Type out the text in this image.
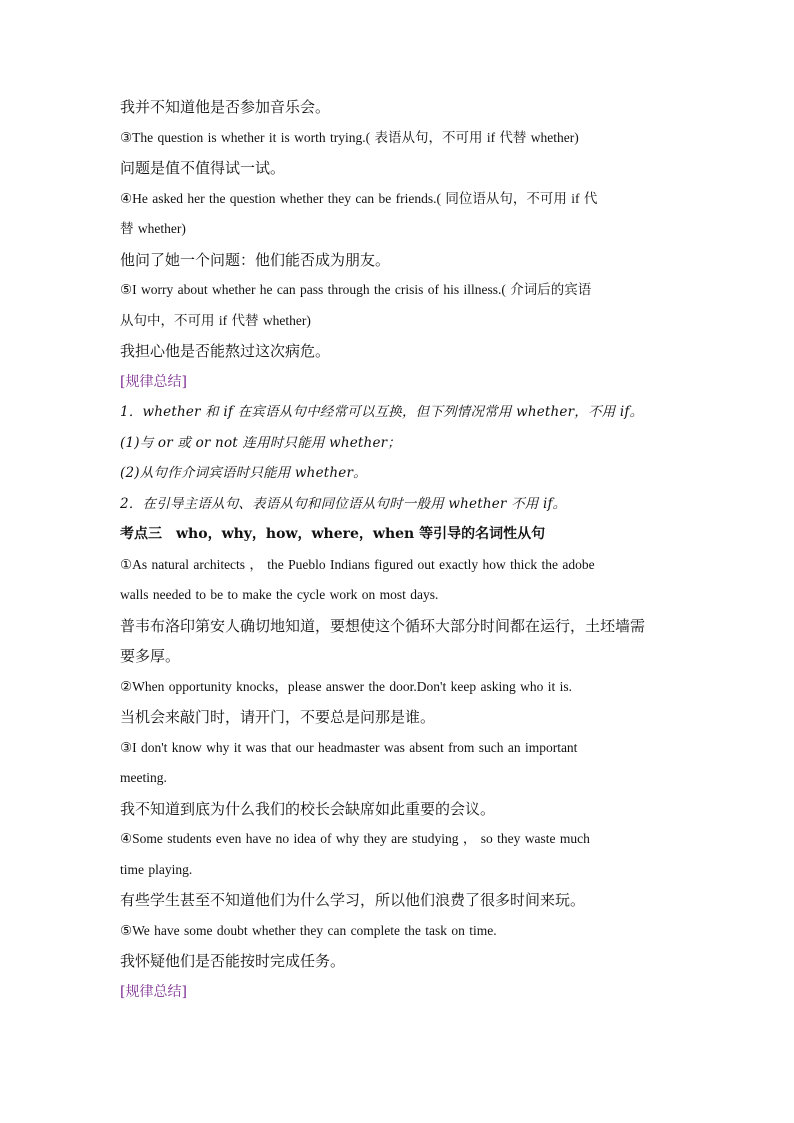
我并不知道他是否参加音乐会。
③The question is whether it is worth trying.( 表语从句，不可用 if 代替 whether)
问题是值不值得试一试。
④He asked her the question whether they can be friends.( 同位语从句，不可用 if 代
替 whether)
他问了她一个问题：他们能否成为朋友。
⑤I worry about whether he can pass through the crisis of his illness.( 介词后的宾语
从句中，不可用 if 代替 whether)
我担心他是否能熬过这次病危。
[规律总结]
1．whether 和 if 在宾语从句中经常可以互换，但下列情况常用 whether，不用 if。
(1)与 or 或 or not 连用时只能用 whether；
(2)从句作介词宾语时只能用 whether。
2．在引导主语从句、表语从句和同位语从句时一般用 whether 不用 if。
考点三　who，why，how，where，when 等引导的名词性从句
①As natural architects ， the Pueblo Indians figured out exactly how thick the adobe
walls needed to be to make the cycle work on most days.
普韦布洛印第安人确切地知道，要想使这个循环大部分时间都在运行，土坯墙需
要多厚。
②When opportunity knocks，please answer the door.Don't keep asking who it is.
当机会来敲门时，请开门，不要总是问那是谁。
③I don't know why it was that our headmaster was absent from such an important
meeting.
我不知道到底为什么我们的校长会缺席如此重要的会议。
④Some students even have no idea of why they are studying ， so they waste much
time playing.
有些学生甚至不知道他们为什么学习，所以他们浪费了很多时间来玩。
⑤We have some doubt whether they can complete the task on time.
我怀疑他们是否能按时完成任务。
[规律总结]
